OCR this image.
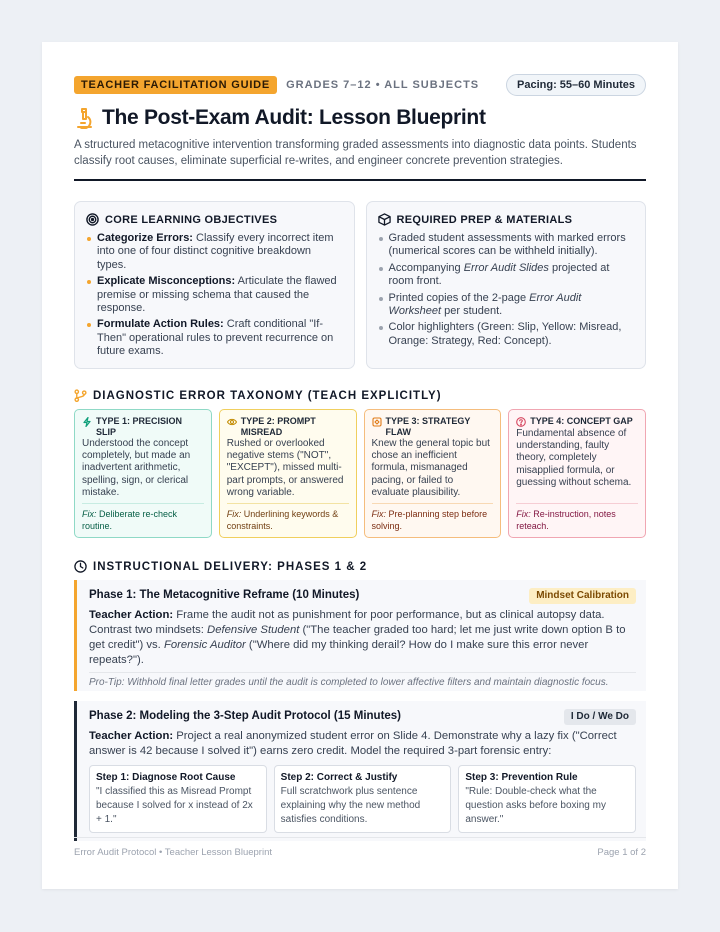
TEACHER FACILITATION GUIDE	GRADES 7–12 • ALL SUBJECTS	Pacing: 55–60 Minutes
The Post-Exam Audit: Lesson Blueprint
A structured metacognitive intervention transforming graded assessments into diagnostic data points. Students classify root causes, eliminate superficial re-writes, and engineer concrete prevention strategies.
CORE LEARNING OBJECTIVES
Categorize Errors: Classify every incorrect item into one of four distinct cognitive breakdown types.
Explicate Misconceptions: Articulate the flawed premise or missing schema that caused the response.
Formulate Action Rules: Craft conditional "If-Then" operational rules to prevent recurrence on future exams.
REQUIRED PREP & MATERIALS
Graded student assessments with marked errors (numerical scores can be withheld initially).
Accompanying Error Audit Slides projected at room front.
Printed copies of the 2-page Error Audit Worksheet per student.
Color highlighters (Green: Slip, Yellow: Misread, Orange: Strategy, Red: Concept).
DIAGNOSTIC ERROR TAXONOMY (TEACH EXPLICITLY)
TYPE 1: PRECISION SLIP
Understood the concept completely, but made an inadvertent arithmetic, spelling, sign, or clerical mistake.
Fix: Deliberate re-check routine.
TYPE 2: PROMPT MISREAD
Rushed or overlooked negative stems ("NOT", "EXCEPT"), missed multi-part prompts, or answered wrong variable.
Fix: Underlining keywords & constraints.
TYPE 3: STRATEGY FLAW
Knew the general topic but chose an inefficient formula, mismanaged pacing, or failed to evaluate plausibility.
Fix: Pre-planning step before solving.
TYPE 4: CONCEPT GAP
Fundamental absence of understanding, faulty theory, completely misapplied formula, or guessing without schema.
Fix: Re-instruction, notes reteach.
INSTRUCTIONAL DELIVERY: PHASES 1 & 2
Phase 1: The Metacognitive Reframe (10 Minutes)	Mindset Calibration
Teacher Action: Frame the audit not as punishment for poor performance, but as clinical autopsy data. Contrast two mindsets: Defensive Student ("The teacher graded too hard; let me just write down option B to get credit") vs. Forensic Auditor ("Where did my thinking derail? How do I make sure this error never repeats?").
Pro-Tip: Withhold final letter grades until the audit is completed to lower affective filters and maintain diagnostic focus.
Phase 2: Modeling the 3-Step Audit Protocol (15 Minutes)	I Do / We Do
Teacher Action: Project a real anonymized student error on Slide 4. Demonstrate why a lazy fix ("Correct answer is 42 because I solved it") earns zero credit. Model the required 3-part forensic entry:
Step 1: Diagnose Root Cause
"I classified this as Misread Prompt because I solved for x instead of 2x + 1."
Step 2: Correct & Justify
Full scratchwork plus sentence explaining why the new method satisfies conditions.
Step 3: Prevention Rule
"Rule: Double-check what the question asks before boxing my answer."
Error Audit Protocol • Teacher Lesson Blueprint	Page 1 of 2
